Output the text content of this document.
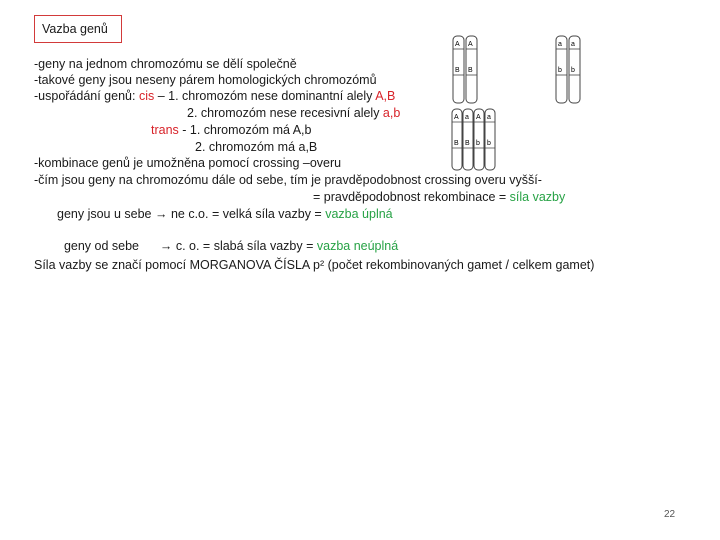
Vazba genů
-geny na jednom chromozómu se dělí společně
-takové geny jsou neseny párem homologických chromozómů
-uspořádání genů: cis – 1. chromozóm nese dominantní alely A,B
2. chromozóm nese recesivní alely a,b
trans - 1. chromozóm má A,b
2. chromozóm má a,B
-kombinace genů je umožněna pomocí crossing –overu
-čím jsou geny na chromozómu dále od sebe, tím je pravděpodobnost crossing overu vyšší-
= pravděpodobnost rekombinace = síla vazby
geny jsou u sebe → ne c.o. = velká síla vazby = vazba úplná

geny od sebe      → c. o. = slabá síla vazby = vazba neúplná

Síla vazby se značí pomocí MORGANOVA ČÍSLA p² (počet rekombinovaných gamet / celkem gamet)
A A
B B
a a
b b
A a A a
B B b b
22
